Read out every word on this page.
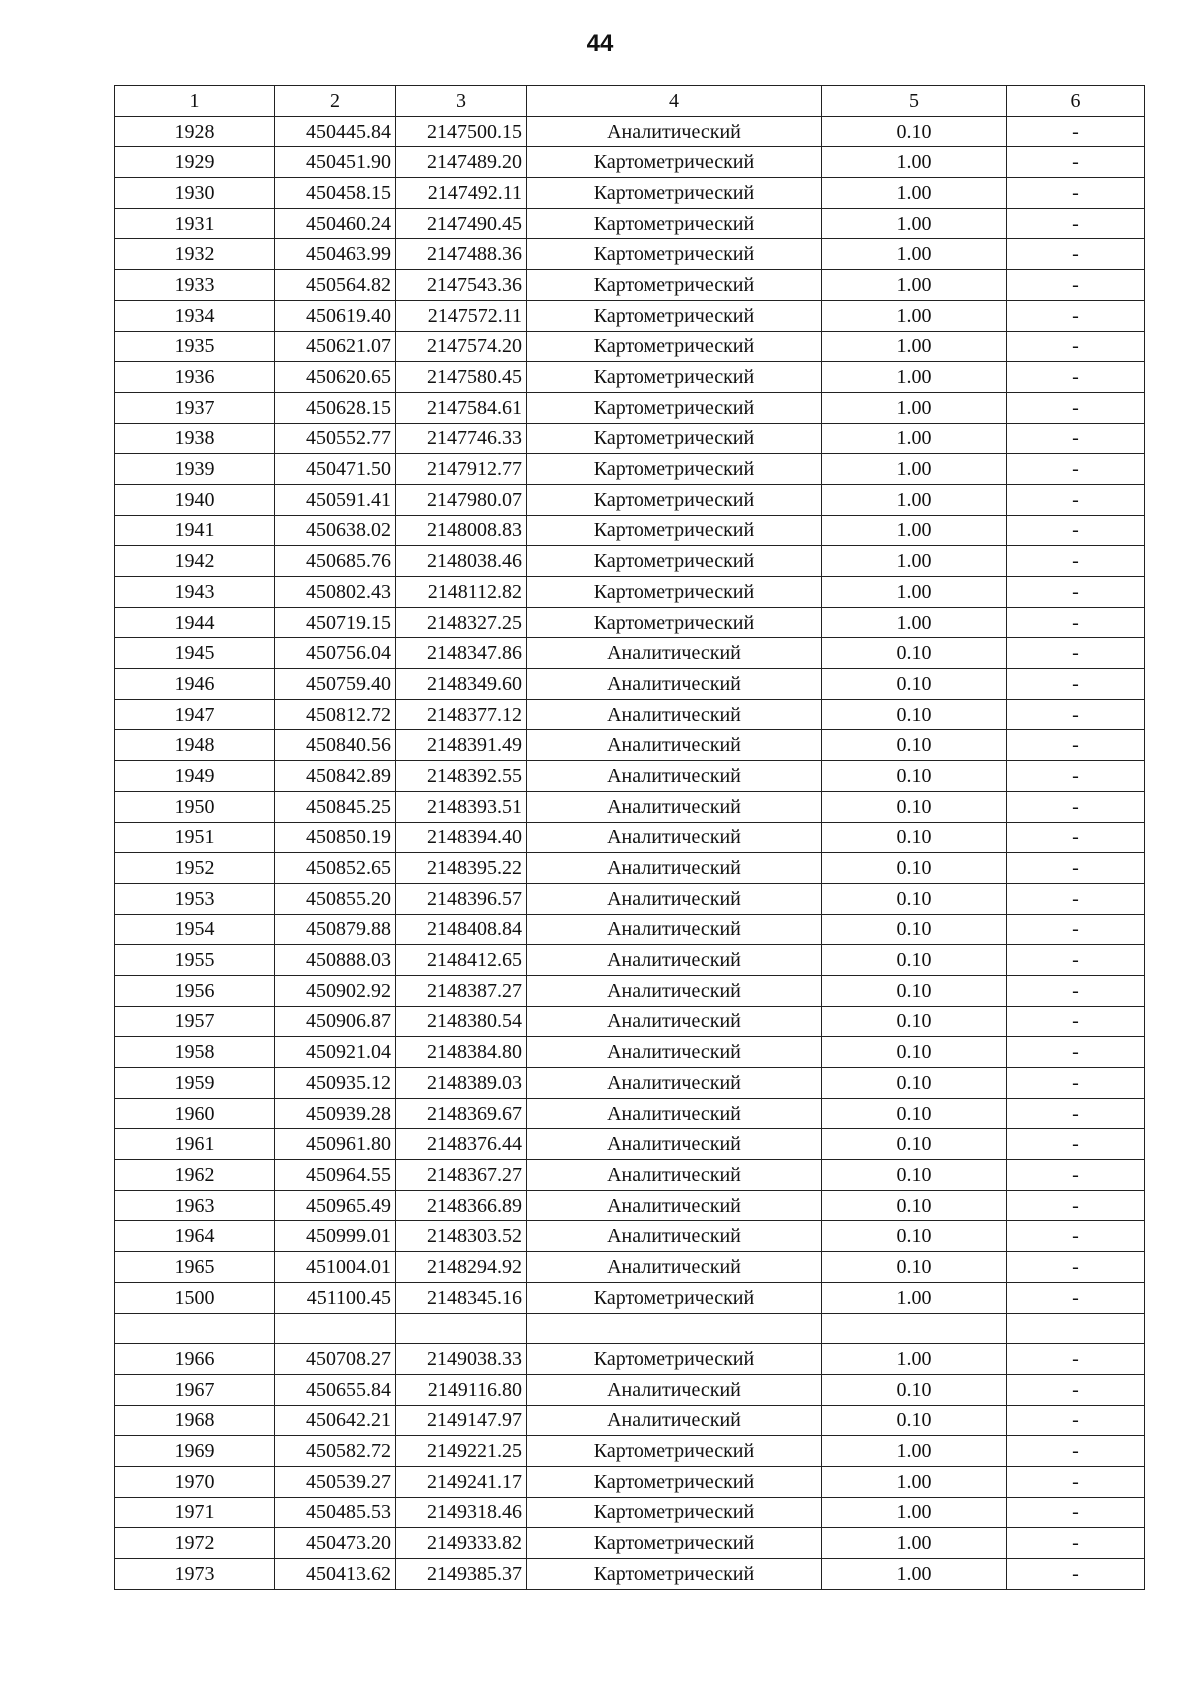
44
1	2	3	4	5	6
1928	450445.84	2147500.15	Аналитический	0.10	-
1929	450451.90	2147489.20	Картометрический	1.00	-
1930	450458.15	2147492.11	Картометрический	1.00	-
1931	450460.24	2147490.45	Картометрический	1.00	-
1932	450463.99	2147488.36	Картометрический	1.00	-
1933	450564.82	2147543.36	Картометрический	1.00	-
1934	450619.40	2147572.11	Картометрический	1.00	-
1935	450621.07	2147574.20	Картометрический	1.00	-
1936	450620.65	2147580.45	Картометрический	1.00	-
1937	450628.15	2147584.61	Картометрический	1.00	-
1938	450552.77	2147746.33	Картометрический	1.00	-
1939	450471.50	2147912.77	Картометрический	1.00	-
1940	450591.41	2147980.07	Картометрический	1.00	-
1941	450638.02	2148008.83	Картометрический	1.00	-
1942	450685.76	2148038.46	Картометрический	1.00	-
1943	450802.43	2148112.82	Картометрический	1.00	-
1944	450719.15	2148327.25	Картометрический	1.00	-
1945	450756.04	2148347.86	Аналитический	0.10	-
1946	450759.40	2148349.60	Аналитический	0.10	-
1947	450812.72	2148377.12	Аналитический	0.10	-
1948	450840.56	2148391.49	Аналитический	0.10	-
1949	450842.89	2148392.55	Аналитический	0.10	-
1950	450845.25	2148393.51	Аналитический	0.10	-
1951	450850.19	2148394.40	Аналитический	0.10	-
1952	450852.65	2148395.22	Аналитический	0.10	-
1953	450855.20	2148396.57	Аналитический	0.10	-
1954	450879.88	2148408.84	Аналитический	0.10	-
1955	450888.03	2148412.65	Аналитический	0.10	-
1956	450902.92	2148387.27	Аналитический	0.10	-
1957	450906.87	2148380.54	Аналитический	0.10	-
1958	450921.04	2148384.80	Аналитический	0.10	-
1959	450935.12	2148389.03	Аналитический	0.10	-
1960	450939.28	2148369.67	Аналитический	0.10	-
1961	450961.80	2148376.44	Аналитический	0.10	-
1962	450964.55	2148367.27	Аналитический	0.10	-
1963	450965.49	2148366.89	Аналитический	0.10	-
1964	450999.01	2148303.52	Аналитический	0.10	-
1965	451004.01	2148294.92	Аналитический	0.10	-
1500	451100.45	2148345.16	Картометрический	1.00	-

1966	450708.27	2149038.33	Картометрический	1.00	-
1967	450655.84	2149116.80	Аналитический	0.10	-
1968	450642.21	2149147.97	Аналитический	0.10	-
1969	450582.72	2149221.25	Картометрический	1.00	-
1970	450539.27	2149241.17	Картометрический	1.00	-
1971	450485.53	2149318.46	Картометрический	1.00	-
1972	450473.20	2149333.82	Картометрический	1.00	-
1973	450413.62	2149385.37	Картометрический	1.00	-
